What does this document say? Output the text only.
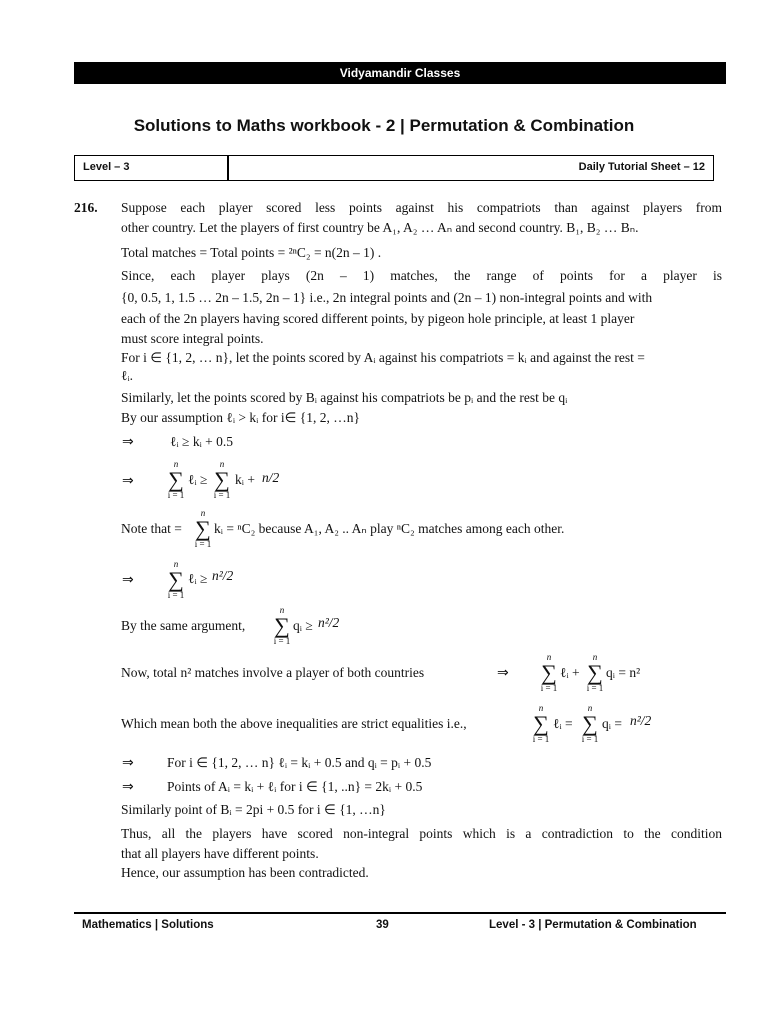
Vidyamandir Classes
Solutions to Maths workbook - 2 | Permutation & Combination
Level – 3	Daily Tutorial Sheet – 12
216. Suppose each player scored less points against his compatriots than against players from
other country. Let the players of first country be A₁, A₂ … Aₙ and second country. B₁, B₂ … Bₙ.
Total matches = Total points = ²ⁿC₂ = n(2n – 1) .
Since, each player plays (2n – 1) matches, the range of points for a player is
{0, 0.5, 1, 1.5 … 2n – 1.5, 2n – 1} i.e., 2n integral points and (2n – 1) non-integral points and with
each of the 2n players having scored different points, by pigeon hole principle, at least 1 player
must score integral points.
For i ∈ {1, 2, … n}, let the points scored by Aᵢ against his compatriots = kᵢ and against the rest =
ℓᵢ.
Similarly, let the points scored by Bᵢ against his compatriots be pᵢ and the rest be qᵢ
By our assumption ℓᵢ > kᵢ for i∈ {1, 2, …n}
⇒	ℓᵢ ≥ kᵢ + 0.5
⇒
n
∑
i = 1
ℓᵢ ≥
n
∑
i = 1
kᵢ + n/2
Note that =
n
∑
i = 1
kᵢ = ⁿC₂ because A₁, A₂ .. Aₙ play ⁿC₂ matches among each other.
⇒
n
∑
i = 1
ℓᵢ ≥ n²/2
By the same argument,
n
∑
i = 1
qᵢ ≥ n²/2
Now, total n² matches involve a player of both countries	⇒
n
∑
i = 1
ℓᵢ +
n
∑
i = 1
qᵢ = n²
Which mean both the above inequalities are strict equalities i.e.,
n
∑
i = 1
ℓᵢ =
n
∑
i = 1
qᵢ = n²/2
⇒ For i ∈ {1, 2, … n} ℓᵢ = kᵢ + 0.5 and qᵢ = pᵢ + 0.5
⇒ Points of Aᵢ = kᵢ + ℓᵢ for i ∈ {1, ..n} = 2kᵢ + 0.5
Similarly point of Bᵢ = 2pi + 0.5 for i ∈ {1, …n}
Thus, all the players have scored non-integral points which is a contradiction to the condition
that all players have different points.
Hence, our assumption has been contradicted.
Mathematics | Solutions	39	Level - 3 | Permutation & Combination
